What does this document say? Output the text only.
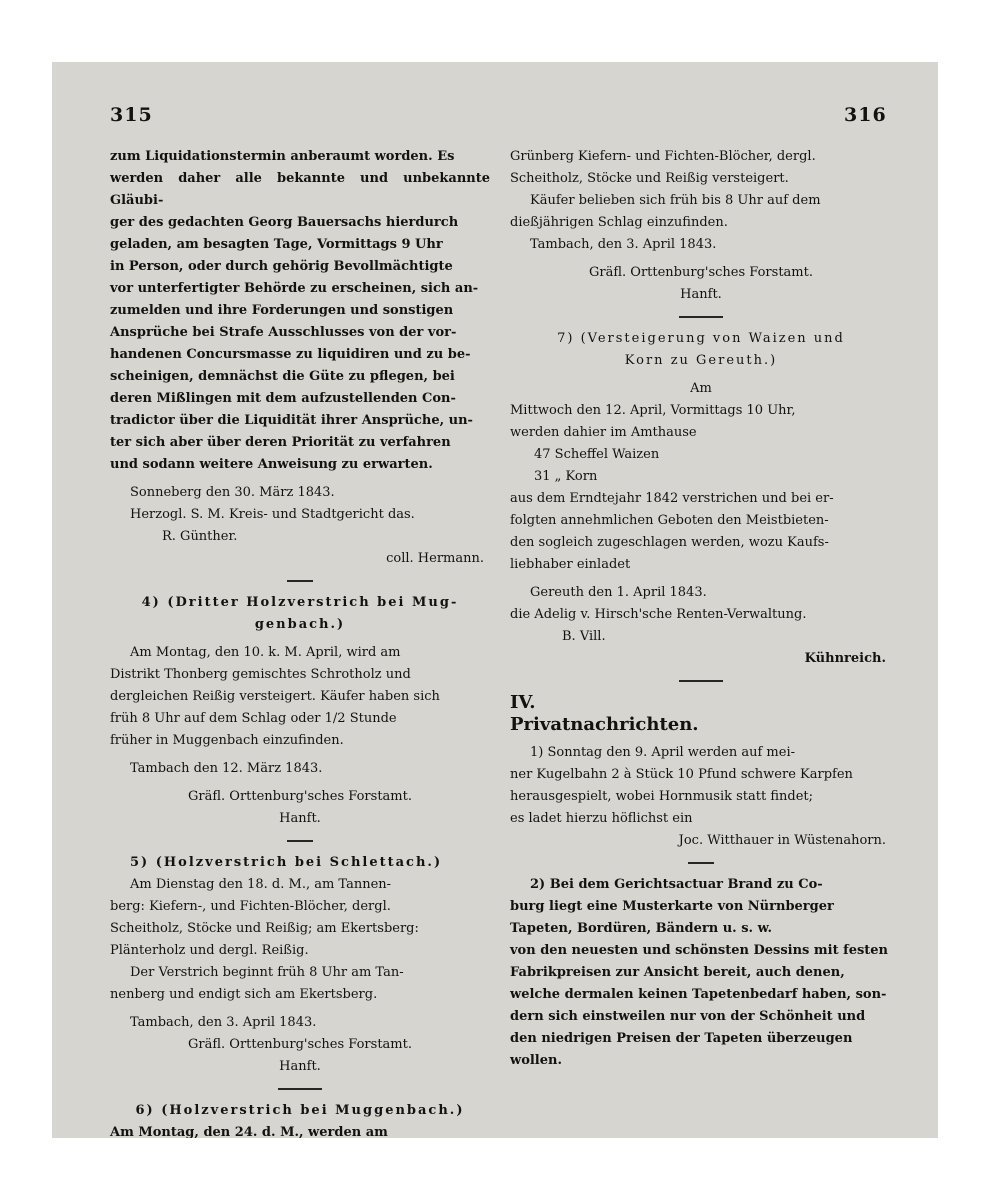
315	316

zum Liquidationstermin anberaumt worden. Es

werden daher alle bekannte und unbekannte Gläubi-

ger des gedachten Georg Bauersachs hierdurch

geladen, am besagten Tage, Vormittags 9 Uhr

in Person, oder durch gehörig Bevollmächtigte

vor unterfertigter Behörde zu erscheinen, sich an-

zumelden und ihre Forderungen und sonstigen

Ansprüche bei Strafe Ausschlusses von der vor-

handenen Concursmasse zu liquidiren und zu be-

scheinigen, demnächst die Güte zu pflegen, bei

deren Mißlingen mit dem aufzustellenden Con-

tradictor über die Liquidität ihrer Ansprüche, un-

ter sich aber über deren Priorität zu verfahren

und sodann weitere Anweisung zu erwarten.

Sonneberg den 30. März 1843.

Herzogl. S. M. Kreis- und Stadtgericht das.

R. Günther.

coll. Hermann.

4) (Dritter Holzverstrich bei Mug-

genbach.)

Am Montag, den 10. k. M. April, wird am

Distrikt Thonberg gemischtes Schrotholz und

dergleichen Reißig versteigert. Käufer haben sich

früh 8 Uhr auf dem Schlag oder 1/2 Stunde

früher in Muggenbach einzufinden.

Tambach den 12. März 1843.

Gräfl. Orttenburg'sches Forstamt.

Hanft.

5) (Holzverstrich bei Schlettach.)

Am Dienstag den 18. d. M., am Tannen-

berg: Kiefern-, und Fichten-Blöcher, dergl.

Scheitholz, Stöcke und Reißig; am Ekertsberg:

Plänterholz und dergl. Reißig.

Der Verstrich beginnt früh 8 Uhr am Tan-

nenberg und endigt sich am Ekertsberg.

Tambach, den 3. April 1843.

Gräfl. Orttenburg'sches Forstamt.

Hanft.

6) (Holzverstrich bei Muggenbach.)

Am Montag, den 24. d. M., werden am

Grünberg Kiefern- und Fichten-Blöcher, dergl.

Scheitholz, Stöcke und Reißig versteigert.

Käufer belieben sich früh bis 8 Uhr auf dem

dießjährigen Schlag einzufinden.

Tambach, den 3. April 1843.

Gräfl. Orttenburg'sches Forstamt.

Hanft.

7) (Versteigerung von Waizen und

Korn zu Gereuth.)

Am

Mittwoch den 12. April, Vormittags 10 Uhr,

werden dahier im Amthause

47 Scheffel Waizen

31 „ Korn

aus dem Erndtejahr 1842 verstrichen und bei er-

folgten annehmlichen Geboten den Meistbieten-

den sogleich zugeschlagen werden, wozu Kaufs-

liebhaber einladet

Gereuth den 1. April 1843.

die Adelig v. Hirsch'sche Renten-Verwaltung.

B. Vill.

Kühnreich.

IV.

Privatnachrichten.

1) Sonntag den 9. April werden auf mei-

ner Kugelbahn 2 à Stück 10 Pfund schwere Karpfen

herausgespielt, wobei Hornmusik statt findet;

es ladet hierzu höflichst ein

Joc. Witthauer in Wüstenahorn.

2) Bei dem Gerichtsactuar Brand zu Co-

burg liegt eine Musterkarte von Nürnberger

Tapeten, Bordüren, Bändern u. s. w.

von den neuesten und schönsten Dessins mit festen

Fabrikpreisen zur Ansicht bereit, auch denen,

welche dermalen keinen Tapetenbedarf haben, son-

dern sich einstweilen nur von der Schönheit und

den niedrigen Preisen der Tapeten überzeugen

wollen.
